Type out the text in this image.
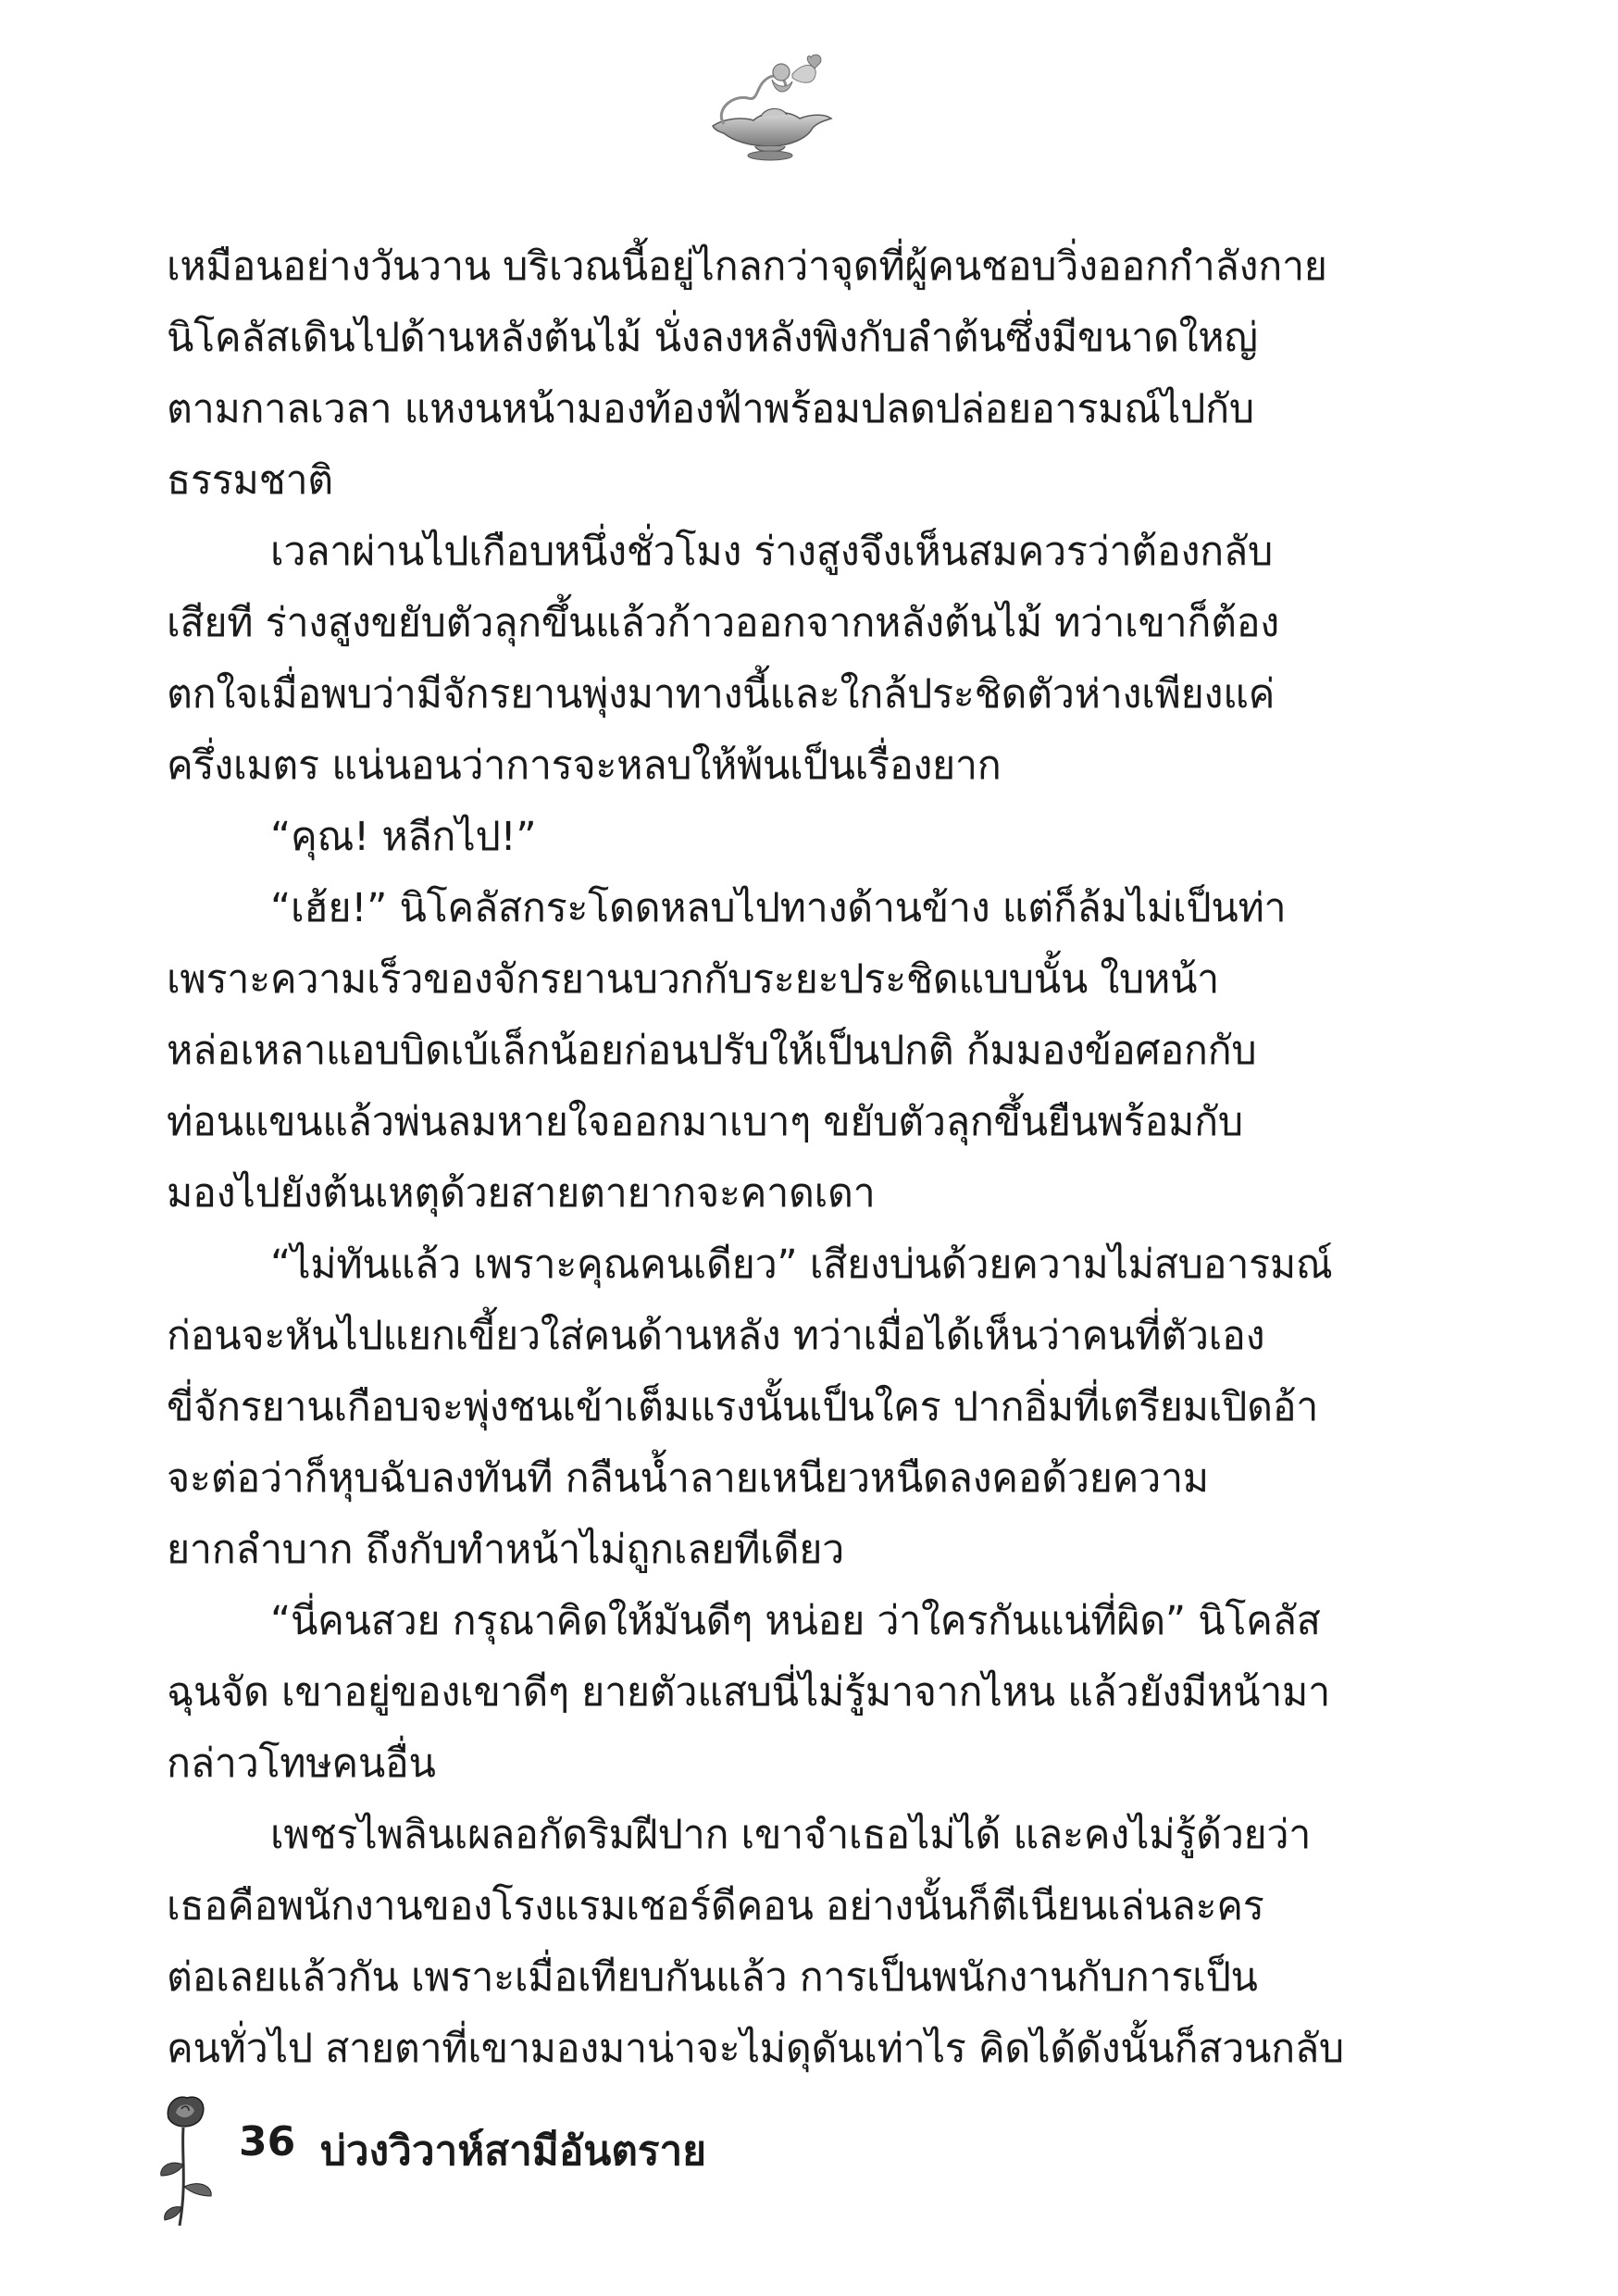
เหมือนอย่างวันวาน บริเวณนี้อยู่ไกลกว่าจุดที่ผู้คนชอบวิ่งออกกำลังกาย
นิโคลัสเดินไปด้านหลังต้นไม้ นั่งลงหลังพิงกับลำต้นซึ่งมีขนาดใหญ่
ตามกาลเวลา แหงนหน้ามองท้องฟ้าพร้อมปลดปล่อยอารมณ์ไปกับ
ธรรมชาติ
เวลาผ่านไปเกือบหนึ่งชั่วโมง ร่างสูงจึงเห็นสมควรว่าต้องกลับ
เสียที ร่างสูงขยับตัวลุกขึ้นแล้วก้าวออกจากหลังต้นไม้ ทว่าเขาก็ต้อง
ตกใจเมื่อพบว่ามีจักรยานพุ่งมาทางนี้และใกล้ประชิดตัวห่างเพียงแค่
ครึ่งเมตร แน่นอนว่าการจะหลบให้พ้นเป็นเรื่องยาก
“คุณ! หลีกไป!”
“เฮ้ย!” นิโคลัสกระโดดหลบไปทางด้านข้าง แต่ก็ล้มไม่เป็นท่า
เพราะความเร็วของจักรยานบวกกับระยะประชิดแบบนั้น ใบหน้า
หล่อเหลาแอบบิดเบ้เล็กน้อยก่อนปรับให้เป็นปกติ ก้มมองข้อศอกกับ
ท่อนแขนแล้วพ่นลมหายใจออกมาเบาๆ ขยับตัวลุกขึ้นยืนพร้อมกับ
มองไปยังต้นเหตุด้วยสายตายากจะคาดเดา
“ไม่ทันแล้ว เพราะคุณคนเดียว” เสียงบ่นด้วยความไม่สบอารมณ์
ก่อนจะหันไปแยกเขี้ยวใส่คนด้านหลัง ทว่าเมื่อได้เห็นว่าคนที่ตัวเอง
ขี่จักรยานเกือบจะพุ่งชนเข้าเต็มแรงนั้นเป็นใคร ปากอิ่มที่เตรียมเปิดอ้า
จะต่อว่าก็หุบฉับลงทันที กลืนน้ำลายเหนียวหนืดลงคอด้วยความ
ยากลำบาก ถึงกับทำหน้าไม่ถูกเลยทีเดียว
“นี่คนสวย กรุณาคิดให้มันดีๆ หน่อย ว่าใครกันแน่ที่ผิด” นิโคลัส
ฉุนจัด เขาอยู่ของเขาดีๆ ยายตัวแสบนี่ไม่รู้มาจากไหน แล้วยังมีหน้ามา
กล่าวโทษคนอื่น
เพชรไพลินเผลอกัดริมฝีปาก เขาจำเธอไม่ได้ และคงไม่รู้ด้วยว่า
เธอคือพนักงานของโรงแรมเชอร์ดีคอน อย่างนั้นก็ตีเนียนเล่นละคร
ต่อเลยแล้วกัน เพราะเมื่อเทียบกันแล้ว การเป็นพนักงานกับการเป็น
คนทั่วไป สายตาที่เขามองมาน่าจะไม่ดุดันเท่าไร คิดได้ดังนั้นก็สวนกลับ
36 บ่วงวิวาห์สามีอันตราย
